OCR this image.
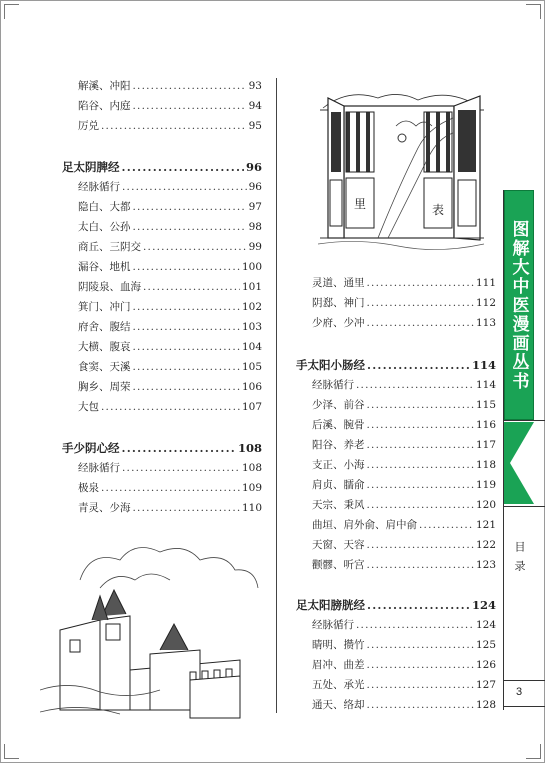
解溪、冲阳 .....	93
陷谷、内庭 .....	94
厉兑 .....	95
足太阴脾经 .....	96
经脉循行 .....	96
隐白、大都 .....	97
太白、公孙 .....	98
商丘、三阴交 .....	99
漏谷、地机 .....	100
阴陵泉、血海 .....	101
箕门、冲门 .....	102
府舍、腹结 .....	103
大横、腹哀 .....	104
食窦、天溪 .....	105
胸乡、周荣 .....	106
大包 .....	107
手少阴心经 .....	108
经脉循行 .....	108
极泉 .....	109
青灵、少海 .....	110
里	表
灵道、通里 .....	111
阴郄、神门 .....	112
少府、少冲 .....	113
手太阳小肠经 .....	114
经脉循行 .....	114
少泽、前谷 .....	115
后溪、腕骨 .....	116
阳谷、养老 .....	117
支正、小海 .....	118
肩贞、臑俞 .....	119
天宗、秉风 .....	120
曲垣、肩外俞、肩中俞 .....	121
天窗、天容 .....	122
颧髎、听宫 .....	123
足太阳膀胱经 .....	124
经脉循行 .....	124
睛明、攒竹 .....	125
眉冲、曲差 .....	126
五处、承光 .....	127
通天、络却 .....	128
图解大中医漫画丛书
目录
3
